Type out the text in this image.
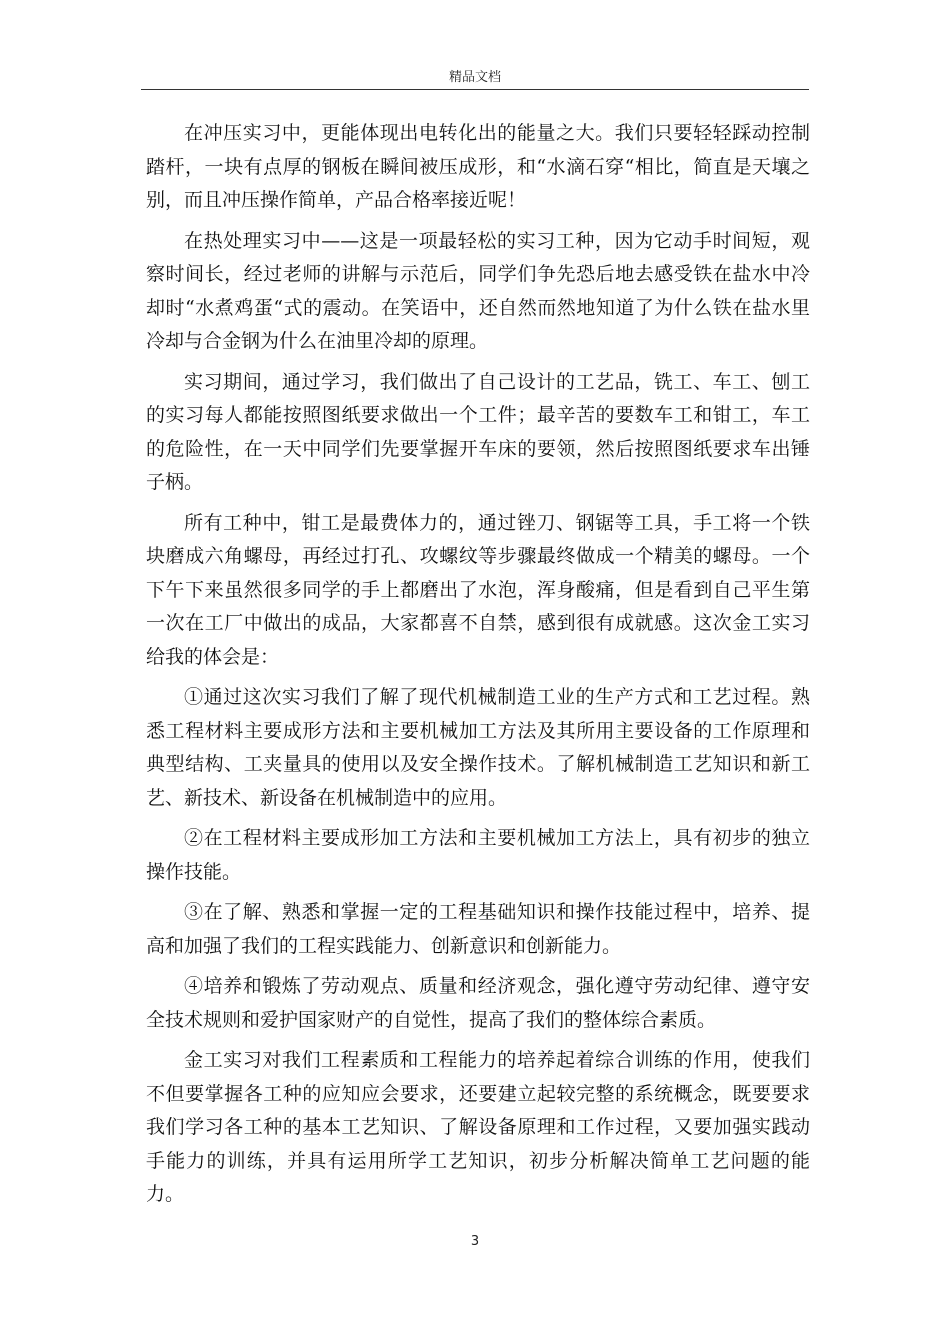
精品文档

在冲压实习中，更能体现出电转化出的能量之大。我们只要轻轻踩动控制踏杆，一块有点厚的钢板在瞬间被压成形，和“水滴石穿“相比，简直是天壤之别，而且冲压操作简单，产品合格率接近呢！

在热处理实习中——这是一项最轻松的实习工种，因为它动手时间短，观察时间长，经过老师的讲解与示范后，同学们争先恐后地去感受铁在盐水中冷却时“水煮鸡蛋“式的震动。在笑语中，还自然而然地知道了为什么铁在盐水里冷却与合金钢为什么在油里冷却的原理。

实习期间，通过学习，我们做出了自己设计的工艺品，铣工、车工、刨工的实习每人都能按照图纸要求做出一个工件；最辛苦的要数车工和钳工，车工的危险性，在一天中同学们先要掌握开车床的要领，然后按照图纸要求车出锤子柄。

所有工种中，钳工是最费体力的，通过锉刀、钢锯等工具，手工将一个铁块磨成六角螺母，再经过打孔、攻螺纹等步骤最终做成一个精美的螺母。一个下午下来虽然很多同学的手上都磨出了水泡，浑身酸痛，但是看到自己平生第一次在工厂中做出的成品，大家都喜不自禁，感到很有成就感。这次金工实习给我的体会是：

①通过这次实习我们了解了现代机械制造工业的生产方式和工艺过程。熟悉工程材料主要成形方法和主要机械加工方法及其所用主要设备的工作原理和典型结构、工夹量具的使用以及安全操作技术。了解机械制造工艺知识和新工艺、新技术、新设备在机械制造中的应用。

②在工程材料主要成形加工方法和主要机械加工方法上，具有初步的独立操作技能。

③在了解、熟悉和掌握一定的工程基础知识和操作技能过程中，培养、提高和加强了我们的工程实践能力、创新意识和创新能力。

④培养和锻炼了劳动观点、质量和经济观念，强化遵守劳动纪律、遵守安全技术规则和爱护国家财产的自觉性，提高了我们的整体综合素质。

金工实习对我们工程素质和工程能力的培养起着综合训练的作用，使我们不但要掌握各工种的应知应会要求，还要建立起较完整的系统概念，既要要求我们学习各工种的基本工艺知识、了解设备原理和工作过程，又要加强实践动手能力的训练，并具有运用所学工艺知识，初步分析解决简单工艺问题的能力。

3
